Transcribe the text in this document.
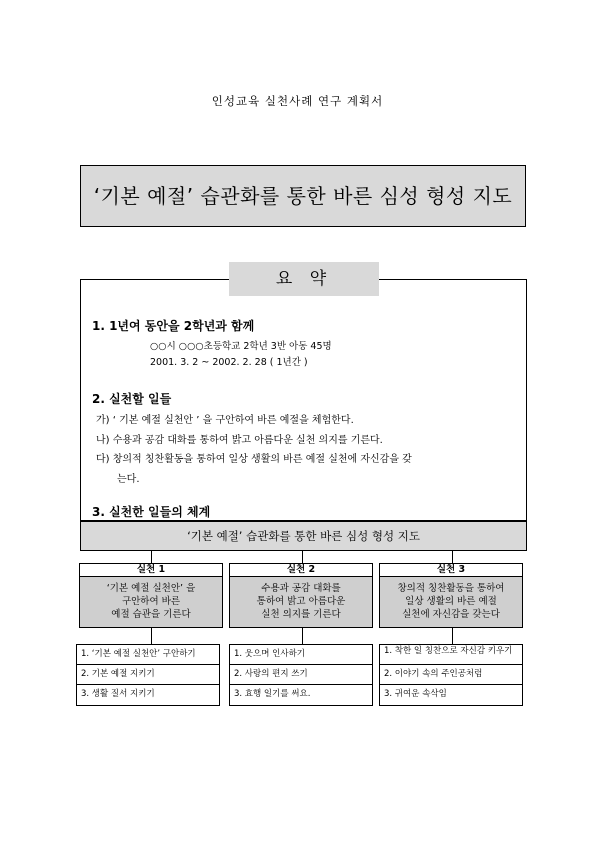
인성교육 실천사례 연구 계획서
‘기본 예절’ 습관화를 통한 바른 심성 형성 지도
요 약
1. 1년여 동안을 2학년과 함께
○○시 ○○○초등학교 2학년 3반 아동 45명
2001. 3. 2 ~ 2002. 2. 28 ( 1년간 )
2. 실천할 일들
가) ‘ 기본 예절 실천안 ’ 을 구안하여 바른 예절을 체험한다.
나) 수용과 공감 대화를 통하여 밝고 아름다운 실천 의지를 기른다.
다) 창의적 칭찬활동을 통하여 일상 생활의 바른 예절 실천에 자신감을 갖
는다.
3. 실천한 일들의 체계
‘기본 예절’ 습관화를 통한 바른 심성 형성 지도
실천 1
‘기본 예절 실천안’ 을
구안하여 바른
예절 습관을 기른다
실천 2
수용과 공감 대화를
통하여 밝고 아름다운
실천 의지를 기른다
실천 3
창의적 칭찬활동을 통하여
일상 생활의 바른 예절
실천에 자신감을 갖는다
1. ‘기본 예절 실천안’ 구안하기
2. 기본 예절 지키기
3. 생활 질서 지키기
1. 웃으며 인사하기
2. 사랑의 편지 쓰기
3. 효행 일기를 써요.
1. 착한 일 칭찬으로 자신감 키우기
2. 이야기 속의 주인공처럼
3. 귀여운 속삭임
